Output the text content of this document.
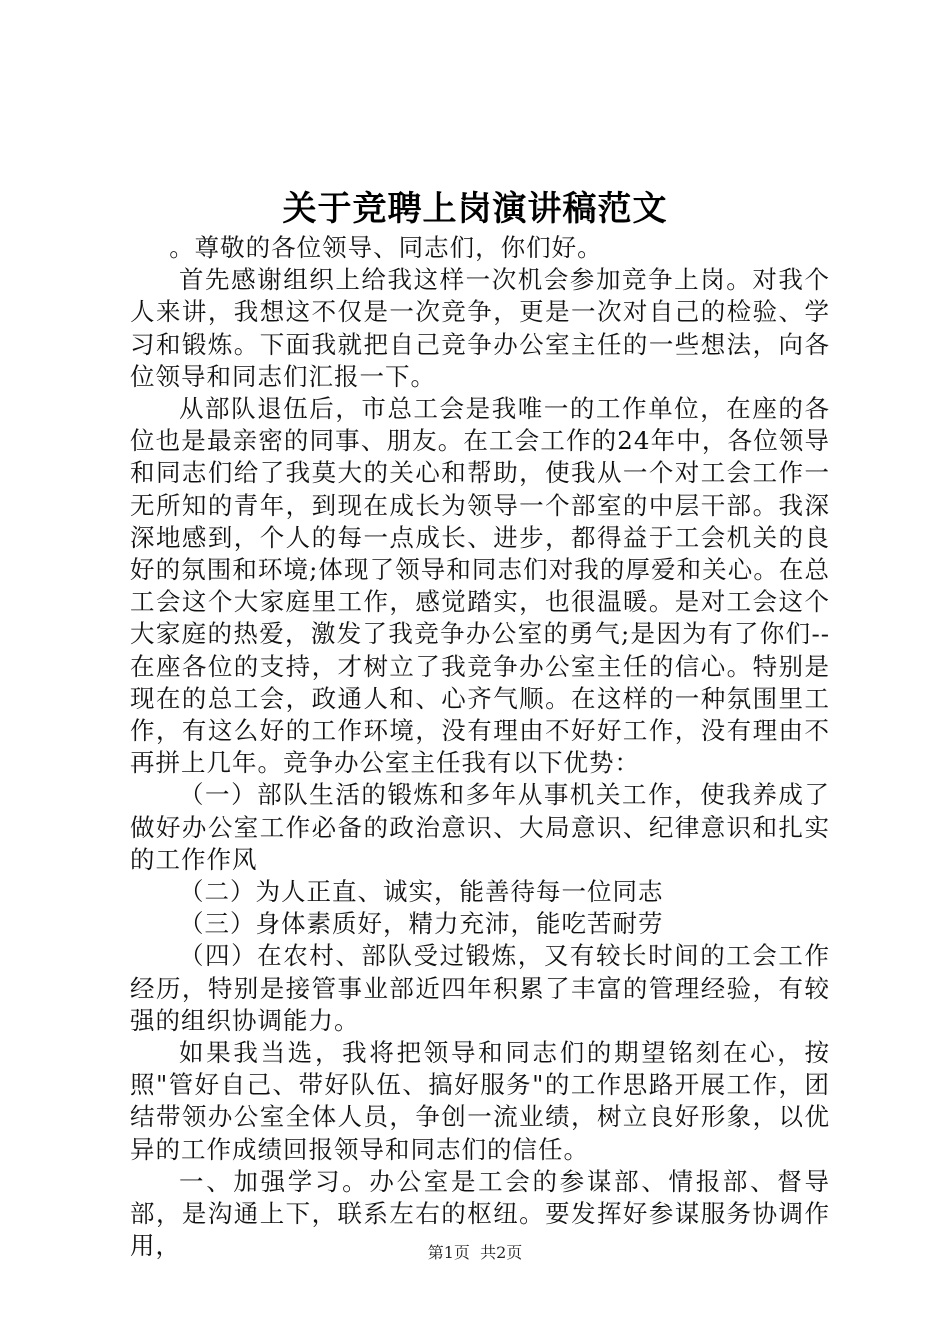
关于竞聘上岗演讲稿范文

。尊敬的各位领导、同志们，你们好。

首先感谢组织上给我这样一次机会参加竞争上岗。对我个人来讲，我想这不仅是一次竞争，更是一次对自己的检验、学习和锻炼。下面我就把自己竞争办公室主任的一些想法，向各位领导和同志们汇报一下。

从部队退伍后，市总工会是我唯一的工作单位，在座的各位也是最亲密的同事、朋友。在工会工作的24年中，各位领导和同志们给了我莫大的关心和帮助，使我从一个对工会工作一无所知的青年，到现在成长为领导一个部室的中层干部。我深深地感到，个人的每一点成长、进步，都得益于工会机关的良好的氛围和环境;体现了领导和同志们对我的厚爱和关心。在总工会这个大家庭里工作，感觉踏实，也很温暖。是对工会这个大家庭的热爱，激发了我竞争办公室的勇气;是因为有了你们--在座各位的支持，才树立了我竞争办公室主任的信心。特别是现在的总工会，政通人和、心齐气顺。在这样的一种氛围里工作，有这么好的工作环境，没有理由不好好工作，没有理由不再拼上几年。竞争办公室主任我有以下优势：

（一）部队生活的锻炼和多年从事机关工作，使我养成了做好办公室工作必备的政治意识、大局意识、纪律意识和扎实的工作作风

（二）为人正直、诚实，能善待每一位同志

（三）身体素质好，精力充沛，能吃苦耐劳

（四）在农村、部队受过锻炼，又有较长时间的工会工作经历，特别是接管事业部近四年积累了丰富的管理经验，有较强的组织协调能力。

如果我当选，我将把领导和同志们的期望铭刻在心，按照"管好自己、带好队伍、搞好服务"的工作思路开展工作，团结带领办公室全体人员，争创一流业绩，树立良好形象，以优异的工作成绩回报领导和同志们的信任。

一、加强学习。办公室是工会的参谋部、情报部、督导部，是沟通上下，联系左右的枢纽。要发挥好参谋服务协调作用，	第1页 共2页
